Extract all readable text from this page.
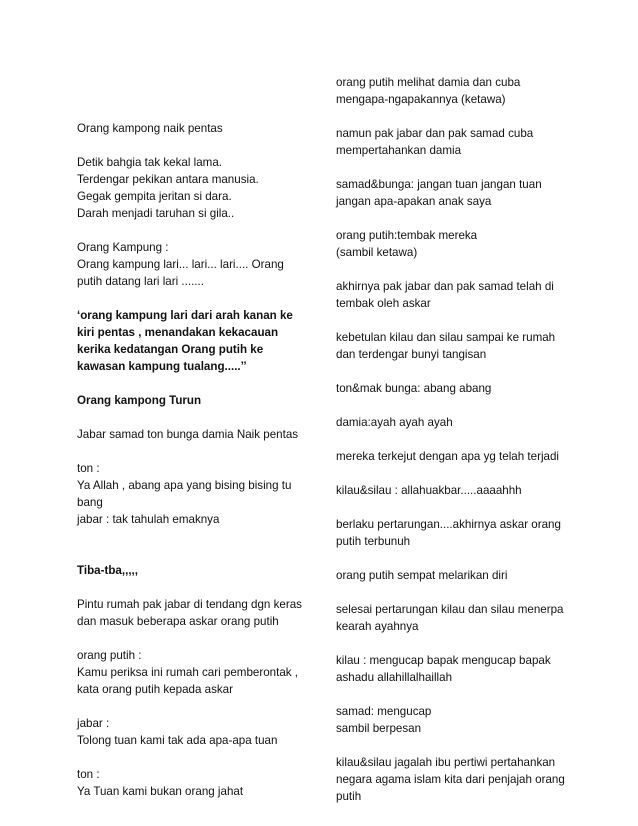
Orang kampong naik pentas
Detik bahgia tak kekal lama.
Terdengar pekikan antara manusia.
Gegak gempita jeritan si dara.
Darah menjadi taruhan si gila..
Orang Kampung :
Orang kampung lari... lari... lari.... Orang
putih datang lari lari .......
‘orang kampung lari dari arah kanan ke
kiri pentas , menandakan kekacauan
kerika kedatangan Orang putih ke
kawasan kampung tualang.....’’
Orang kampong Turun
Jabar samad ton bunga damia Naik pentas
ton :
Ya Allah , abang apa yang bising bising tu
bang
jabar : tak tahulah emaknya
Tiba-tba,,,,,
Pintu rumah pak jabar di tendang dgn keras
dan masuk beberapa askar orang putih
orang putih :
Kamu periksa ini rumah cari pemberontak ,
kata orang putih kepada askar
jabar :
Tolong tuan kami tak ada apa-apa tuan
ton :
Ya Tuan kami bukan orang jahat
orang putih melihat damia dan cuba
mengapa-ngapakannya (ketawa)
namun pak jabar dan pak samad cuba
mempertahankan damia
samad&bunga: jangan tuan jangan tuan
jangan apa-apakan anak saya
orang putih:tembak mereka
(sambil ketawa)
akhirnya pak jabar dan pak samad telah di
tembak oleh askar
kebetulan kilau dan silau sampai ke rumah
dan terdengar bunyi tangisan
ton&mak bunga: abang abang
damia:ayah ayah ayah
mereka terkejut dengan apa yg telah terjadi
kilau&silau : allahuakbar.....aaaahhh
berlaku pertarungan....akhirnya askar orang
putih terbunuh
orang putih sempat melarikan diri
selesai pertarungan kilau dan silau menerpa
kearah ayahnya
kilau : mengucap bapak mengucap bapak
ashadu allahillalhaillah
samad: mengucap
sambil berpesan
kilau&silau jagalah ibu pertiwi pertahankan
negara agama islam kita dari penjajah orang
putih
